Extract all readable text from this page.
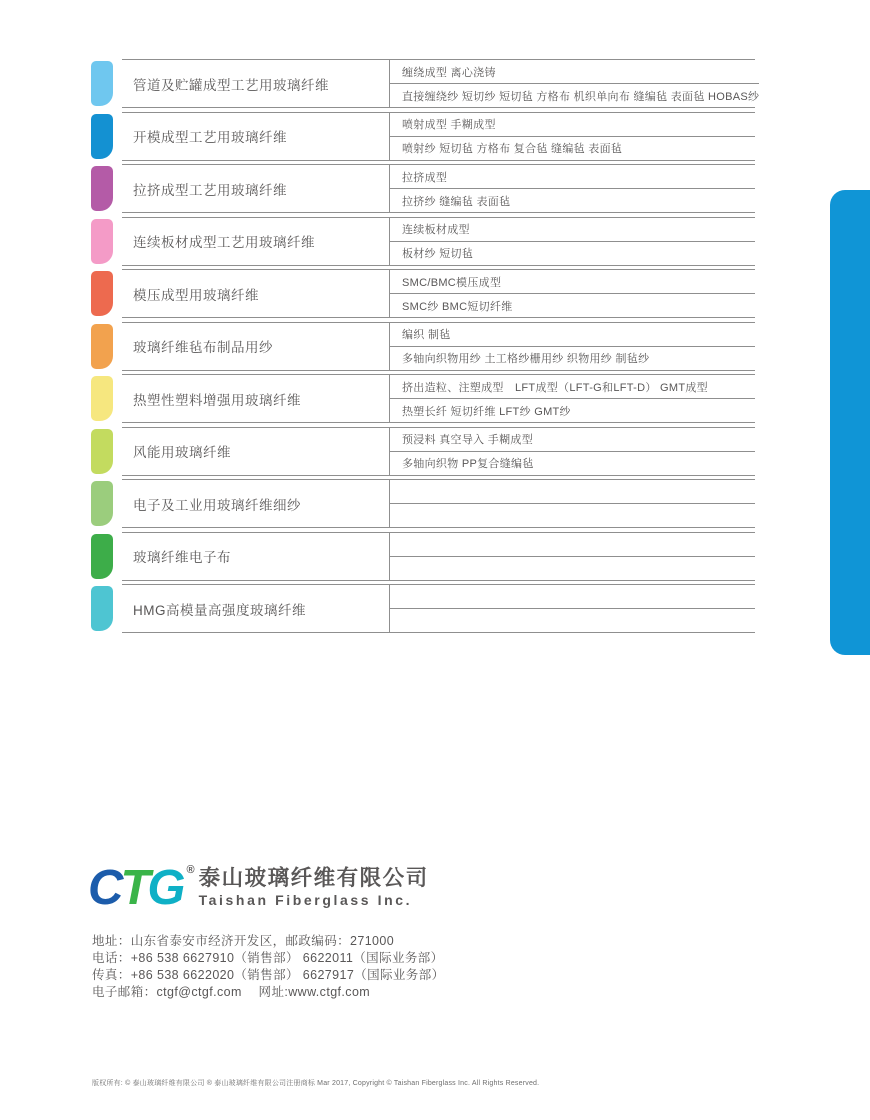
管道及贮罐成型工艺用玻璃纤维
缠绕成型 离心浇铸
直接缠绕纱 短切纱 短切毡 方格布 机织单向布 缝编毡 表面毡 HOBAS纱
开模成型工艺用玻璃纤维
喷射成型 手糊成型
喷射纱 短切毡 方格布 复合毡 缝编毡 表面毡
拉挤成型工艺用玻璃纤维
拉挤成型
拉挤纱 缝编毡 表面毡
连续板材成型工艺用玻璃纤维
连续板材成型
板材纱 短切毡
模压成型用玻璃纤维
SMC/BMC模压成型
SMC纱 BMC短切纤维
玻璃纤维毡布制品用纱
编织 制毡
多轴向织物用纱 土工格纱栅用纱 织物用纱 制毡纱
热塑性塑料增强用玻璃纤维
挤出造粒、注塑成型　LFT成型（LFT-G和LFT-D） GMT成型
热塑长纤 短切纤维 LFT纱 GMT纱
风能用玻璃纤维
预浸料 真空导入 手糊成型
多轴向织物 PP复合缝编毡
电子及工业用玻璃纤维细纱
玻璃纤维电子布
HMG高模量高强度玻璃纤维
CTG ® 泰山玻璃纤维有限公司
Taishan Fiberglass Inc.
地址：山东省泰安市经济开发区，邮政编码：271000
电话：+86 538 6627910（销售部） 6622011（国际业务部）
传真：+86 538 6622020（销售部） 6627917（国际业务部）
电子邮箱：ctgf@ctgf.com　 网址:www.ctgf.com
版权所有: © 泰山玻璃纤维有限公司 ® 泰山玻璃纤维有限公司注册商标 Mar 2017, Copyright © Taishan Fiberglass Inc. All Rights Reserved.
